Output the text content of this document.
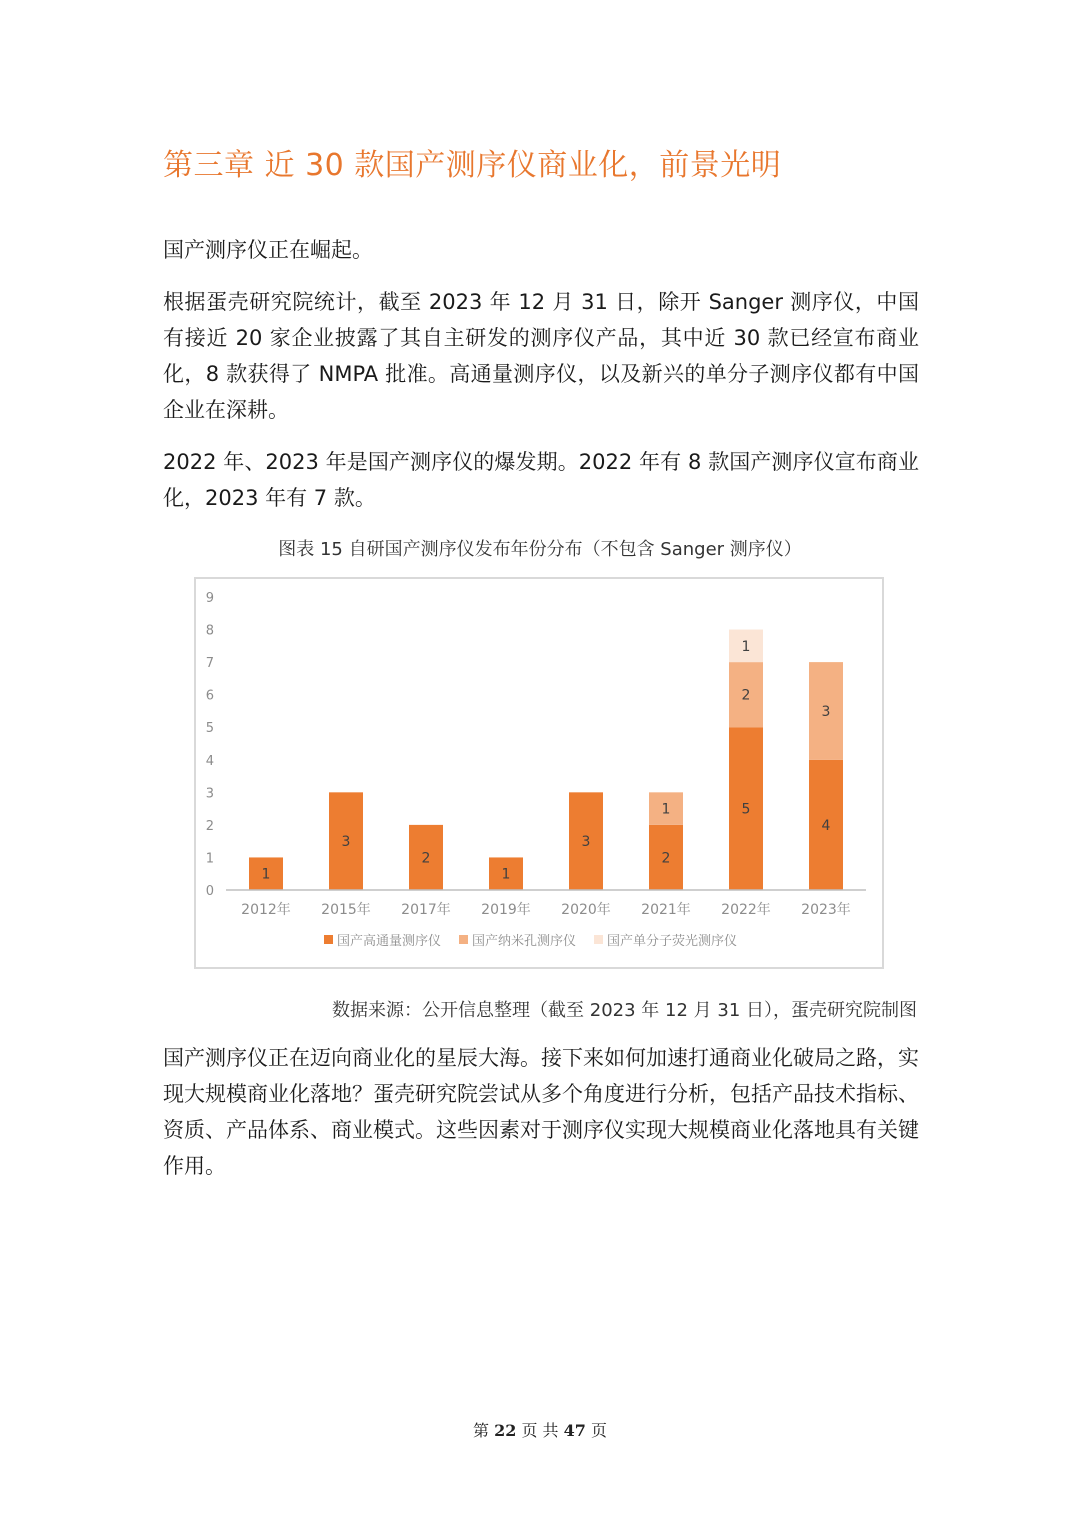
第三章 近 30 款国产测序仪商业化，前景光明

国产测序仪正在崛起。

根据蛋壳研究院统计，截至 2023 年 12 月 31 日，除开 Sanger 测序仪，中国有接近 20 家企业披露了其自主研发的测序仪产品，其中近 30 款已经宣布商业化，8 款获得了 NMPA 批准。高通量测序仪，以及新兴的单分子测序仪都有中国企业在深耕。

2022 年、2023 年是国产测序仪的爆发期。2022 年有 8 款国产测序仪宣布商业化，2023 年有 7 款。

图表 15 自研国产测序仪发布年份分布（不包含 Sanger 测序仪）
0
1
2
3
4
5
6
7
8
9
1
2012年
3
2015年
2
2017年
1
2019年
3
2020年
2
1
2021年
5
2
1
2022年
4
3
2023年
国产高通量测序仪 国产纳米孔测序仪 国产单分子荧光测序仪
数据来源：公开信息整理（截至 2023 年 12 月 31 日），蛋壳研究院制图

国产测序仪正在迈向商业化的星辰大海。接下来如何加速打通商业化破局之路，实现大规模商业化落地？蛋壳研究院尝试从多个角度进行分析，包括产品技术指标、资质、产品体系、商业模式。这些因素对于测序仪实现大规模商业化落地具有关键作用。

第 22 页 共 47 页
